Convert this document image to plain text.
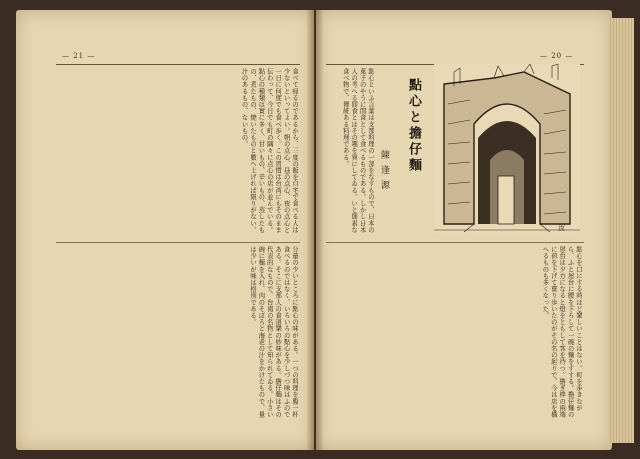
— 21 —
食べて帰るのであるから、三度の飯を自宅で食べる人は少ないといってよい。朝の点心、昼の点心、夜の点心と一日に何度でも食べ歩く。この習慣は台湾にもそのまま伝わって、今日でも町の隅々に点心の店が並んでいる。點心の種類は實に多く、甘いもの、辛いもの、蒸したもの、煮たもの、焼いたものと數へ上げれば限りがない。汁のあるもの、ないもの。
分量の少いところに點心の味がある。一つの料理を腹一杯食べるのではなく、いろいろの點心を少しづつ味はふのである。そこに支那人の食道樂の妙味がある。擔仔麵はその代表的なもので、台南の名物として知られてゐる。小さい碗に麵を入れ、肉のそぼろと海老の汁をかけたもので、量は少いが味は格別である。
— 20 —
點心と擔仔麵
陳逢源
汝
點心といふ言葉は支那料理の一部をなすもので、日本の菓子のやうに間食として食べるものである。しかし日本人の考へる間食とはその趣を異にしてゐる。いと簡素な食べ物で、傳統ある料理である。
點心を口にする時ほど樂しいことはない。町を歩きながら、ふと屋台に腰を下ろして一碗の麵をすする。擔仔麵の屋台は夕方になると燈をともして客を待つ。擔ぎ棒の兩端に荷を下げて賣り歩いたのがその名の起りで、今は店を構へるものも多くなった。
